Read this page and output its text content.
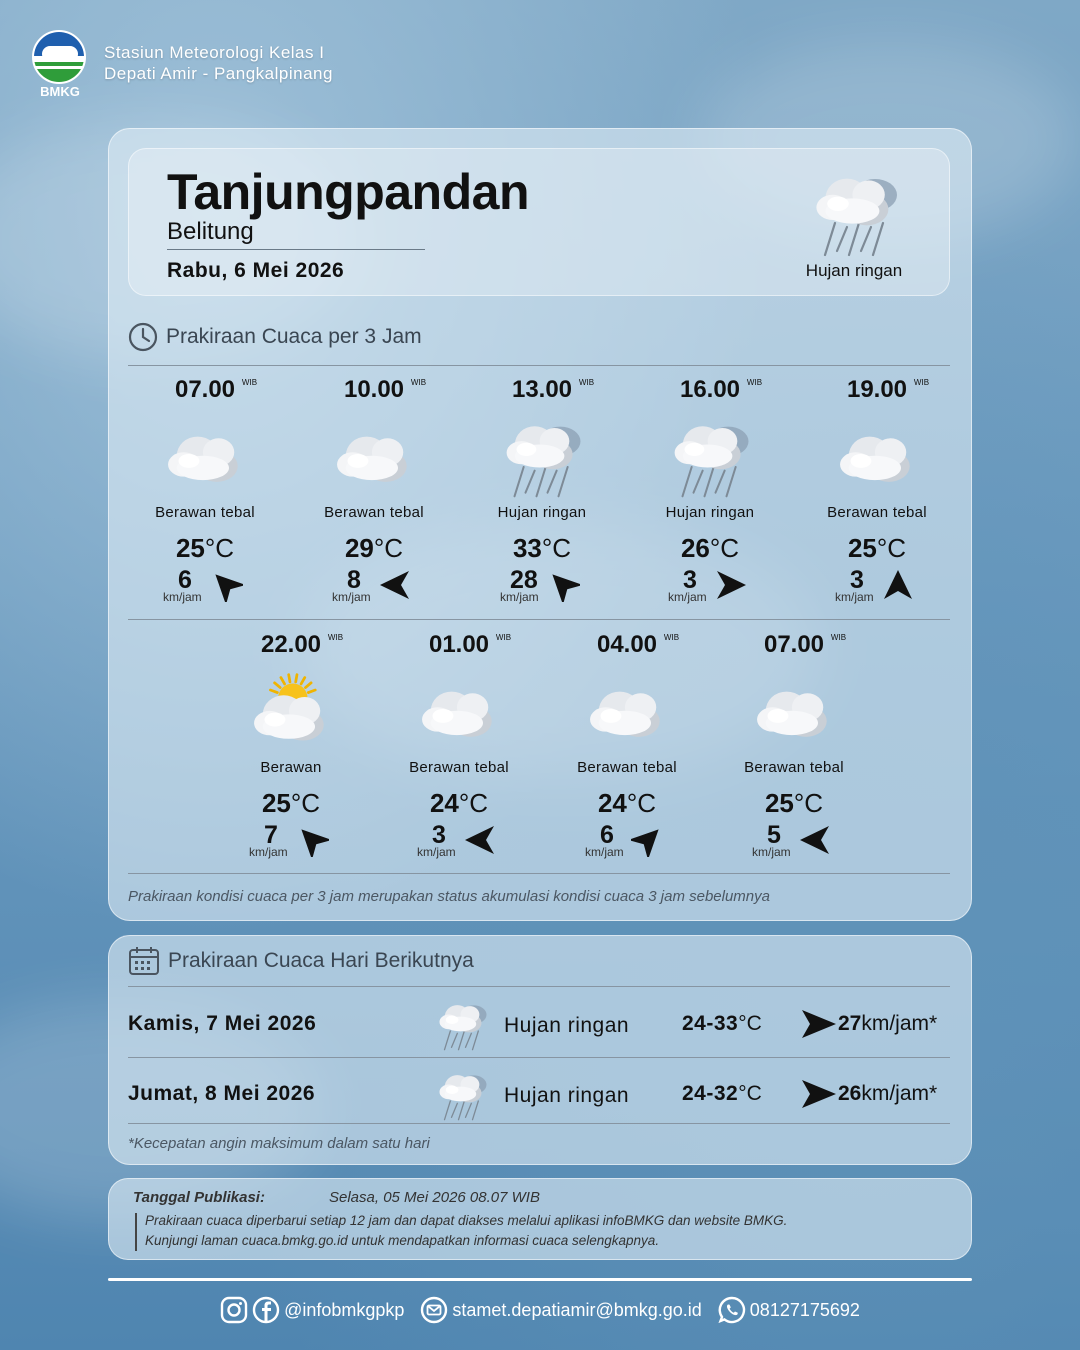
BMKG
Stasiun Meteorologi Kelas I
Depati Amir - Pangkalpinang
Tanjungpandan
Belitung
Rabu, 6 Mei 2026	Hujan ringan
Prakiraan Cuaca per 3 Jam
07.00 WIB
Berawan tebal
25°C
6
km/jam
10.00 WIB
Berawan tebal
29°C
8
km/jam
13.00 WIB
Hujan ringan
33°C
28
km/jam
16.00 WIB
Hujan ringan
26°C
3
km/jam
19.00 WIB
Berawan tebal
25°C
3
km/jam
22.00 WIB
Berawan
25°C
7
km/jam
01.00 WIB
Berawan tebal
24°C
3
km/jam
04.00 WIB
Berawan tebal
24°C
6
km/jam
07.00 WIB
Berawan tebal
25°C
5
km/jam
Prakiraan kondisi cuaca per 3 jam merupakan status akumulasi kondisi cuaca 3 jam sebelumnya
Prakiraan Cuaca Hari Berikutnya
Kamis, 7 Mei 2026	Hujan ringan	24-33°C	27km/jam*
Jumat, 8 Mei 2026	Hujan ringan	24-32°C	26km/jam*
*Kecepatan angin maksimum dalam satu hari
Tanggal Publikasi:	Selasa, 05 Mei 2026 08.07 WIB
Prakiraan cuaca diperbarui setiap 12 jam dan dapat diakses melalui aplikasi infoBMKG dan website BMKG.
Kunjungi laman cuaca.bmkg.go.id untuk mendapatkan informasi cuaca selengkapnya.
@infobmkgpkp	stamet.depatiamir@bmkg.go.id	08127175692
